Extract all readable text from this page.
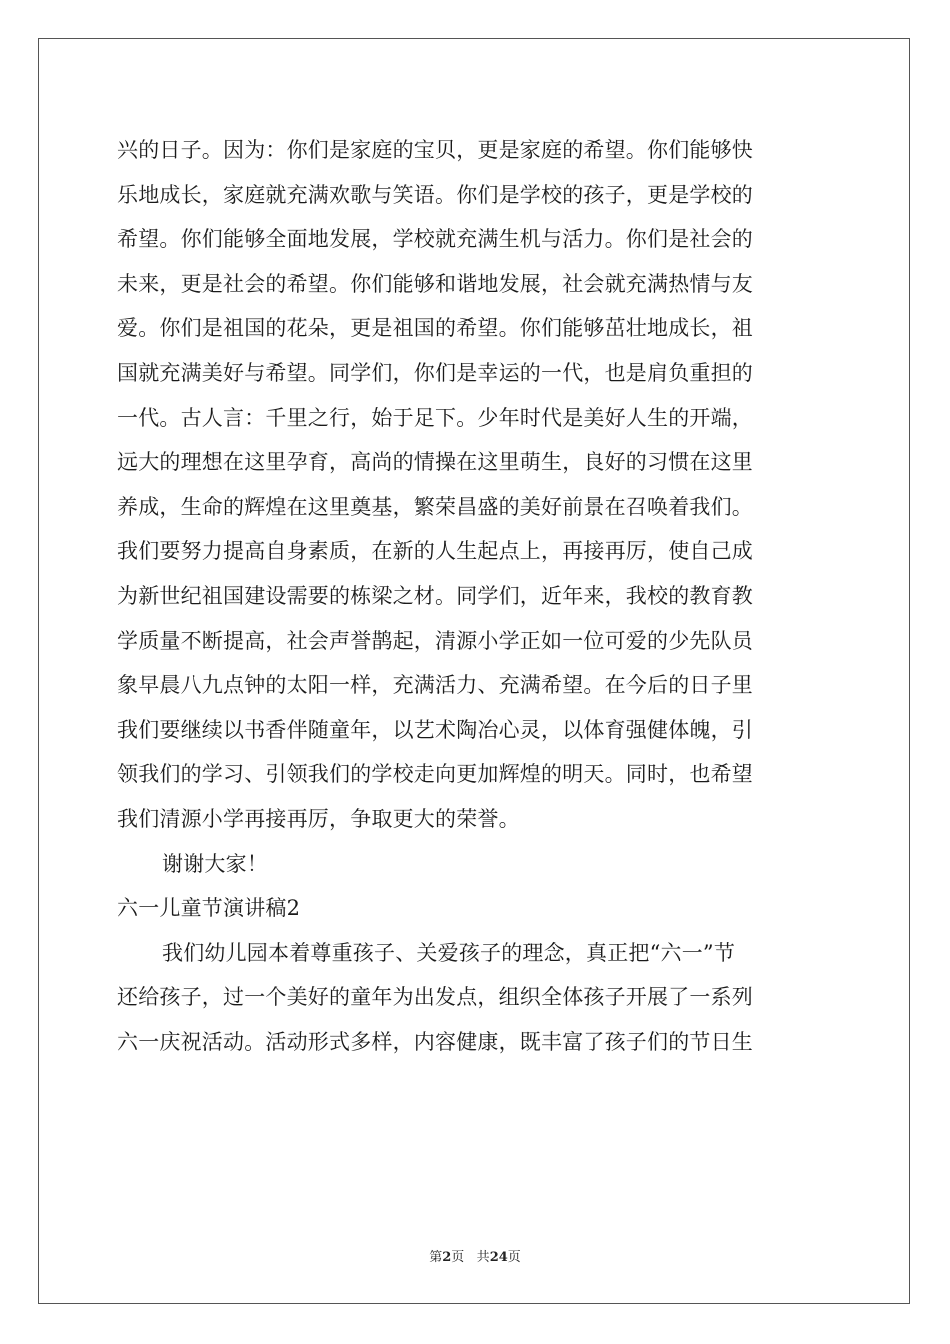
兴的日子。因为：你们是家庭的宝贝，更是家庭的希望。你们能够快
乐地成长，家庭就充满欢歌与笑语。你们是学校的孩子，更是学校的
希望。你们能够全面地发展，学校就充满生机与活力。你们是社会的
未来，更是社会的希望。你们能够和谐地发展，社会就充满热情与友
爱。你们是祖国的花朵，更是祖国的希望。你们能够茁壮地成长，祖
国就充满美好与希望。同学们，你们是幸运的一代，也是肩负重担的
一代。古人言：千里之行，始于足下。少年时代是美好人生的开端，
远大的理想在这里孕育，高尚的情操在这里萌生，良好的习惯在这里
养成，生命的辉煌在这里奠基，繁荣昌盛的美好前景在召唤着我们。
我们要努力提高自身素质，在新的人生起点上，再接再厉，使自己成
为新世纪祖国建设需要的栋梁之材。同学们，近年来，我校的教育教
学质量不断提高，社会声誉鹊起，清源小学正如一位可爱的少先队员
象早晨八九点钟的太阳一样，充满活力、充满希望。在今后的日子里
我们要继续以书香伴随童年，以艺术陶冶心灵，以体育强健体魄，引
领我们的学习、引领我们的学校走向更加辉煌的明天。同时，也希望
我们清源小学再接再厉，争取更大的荣誉。
谢谢大家！
六一儿童节演讲稿2
我们幼儿园本着尊重孩子、关爱孩子的理念，真正把“六一”节
还给孩子，过一个美好的童年为出发点，组织全体孩子开展了一系列
六一庆祝活动。活动形式多样，内容健康，既丰富了孩子们的节日生
第2页 共24页
